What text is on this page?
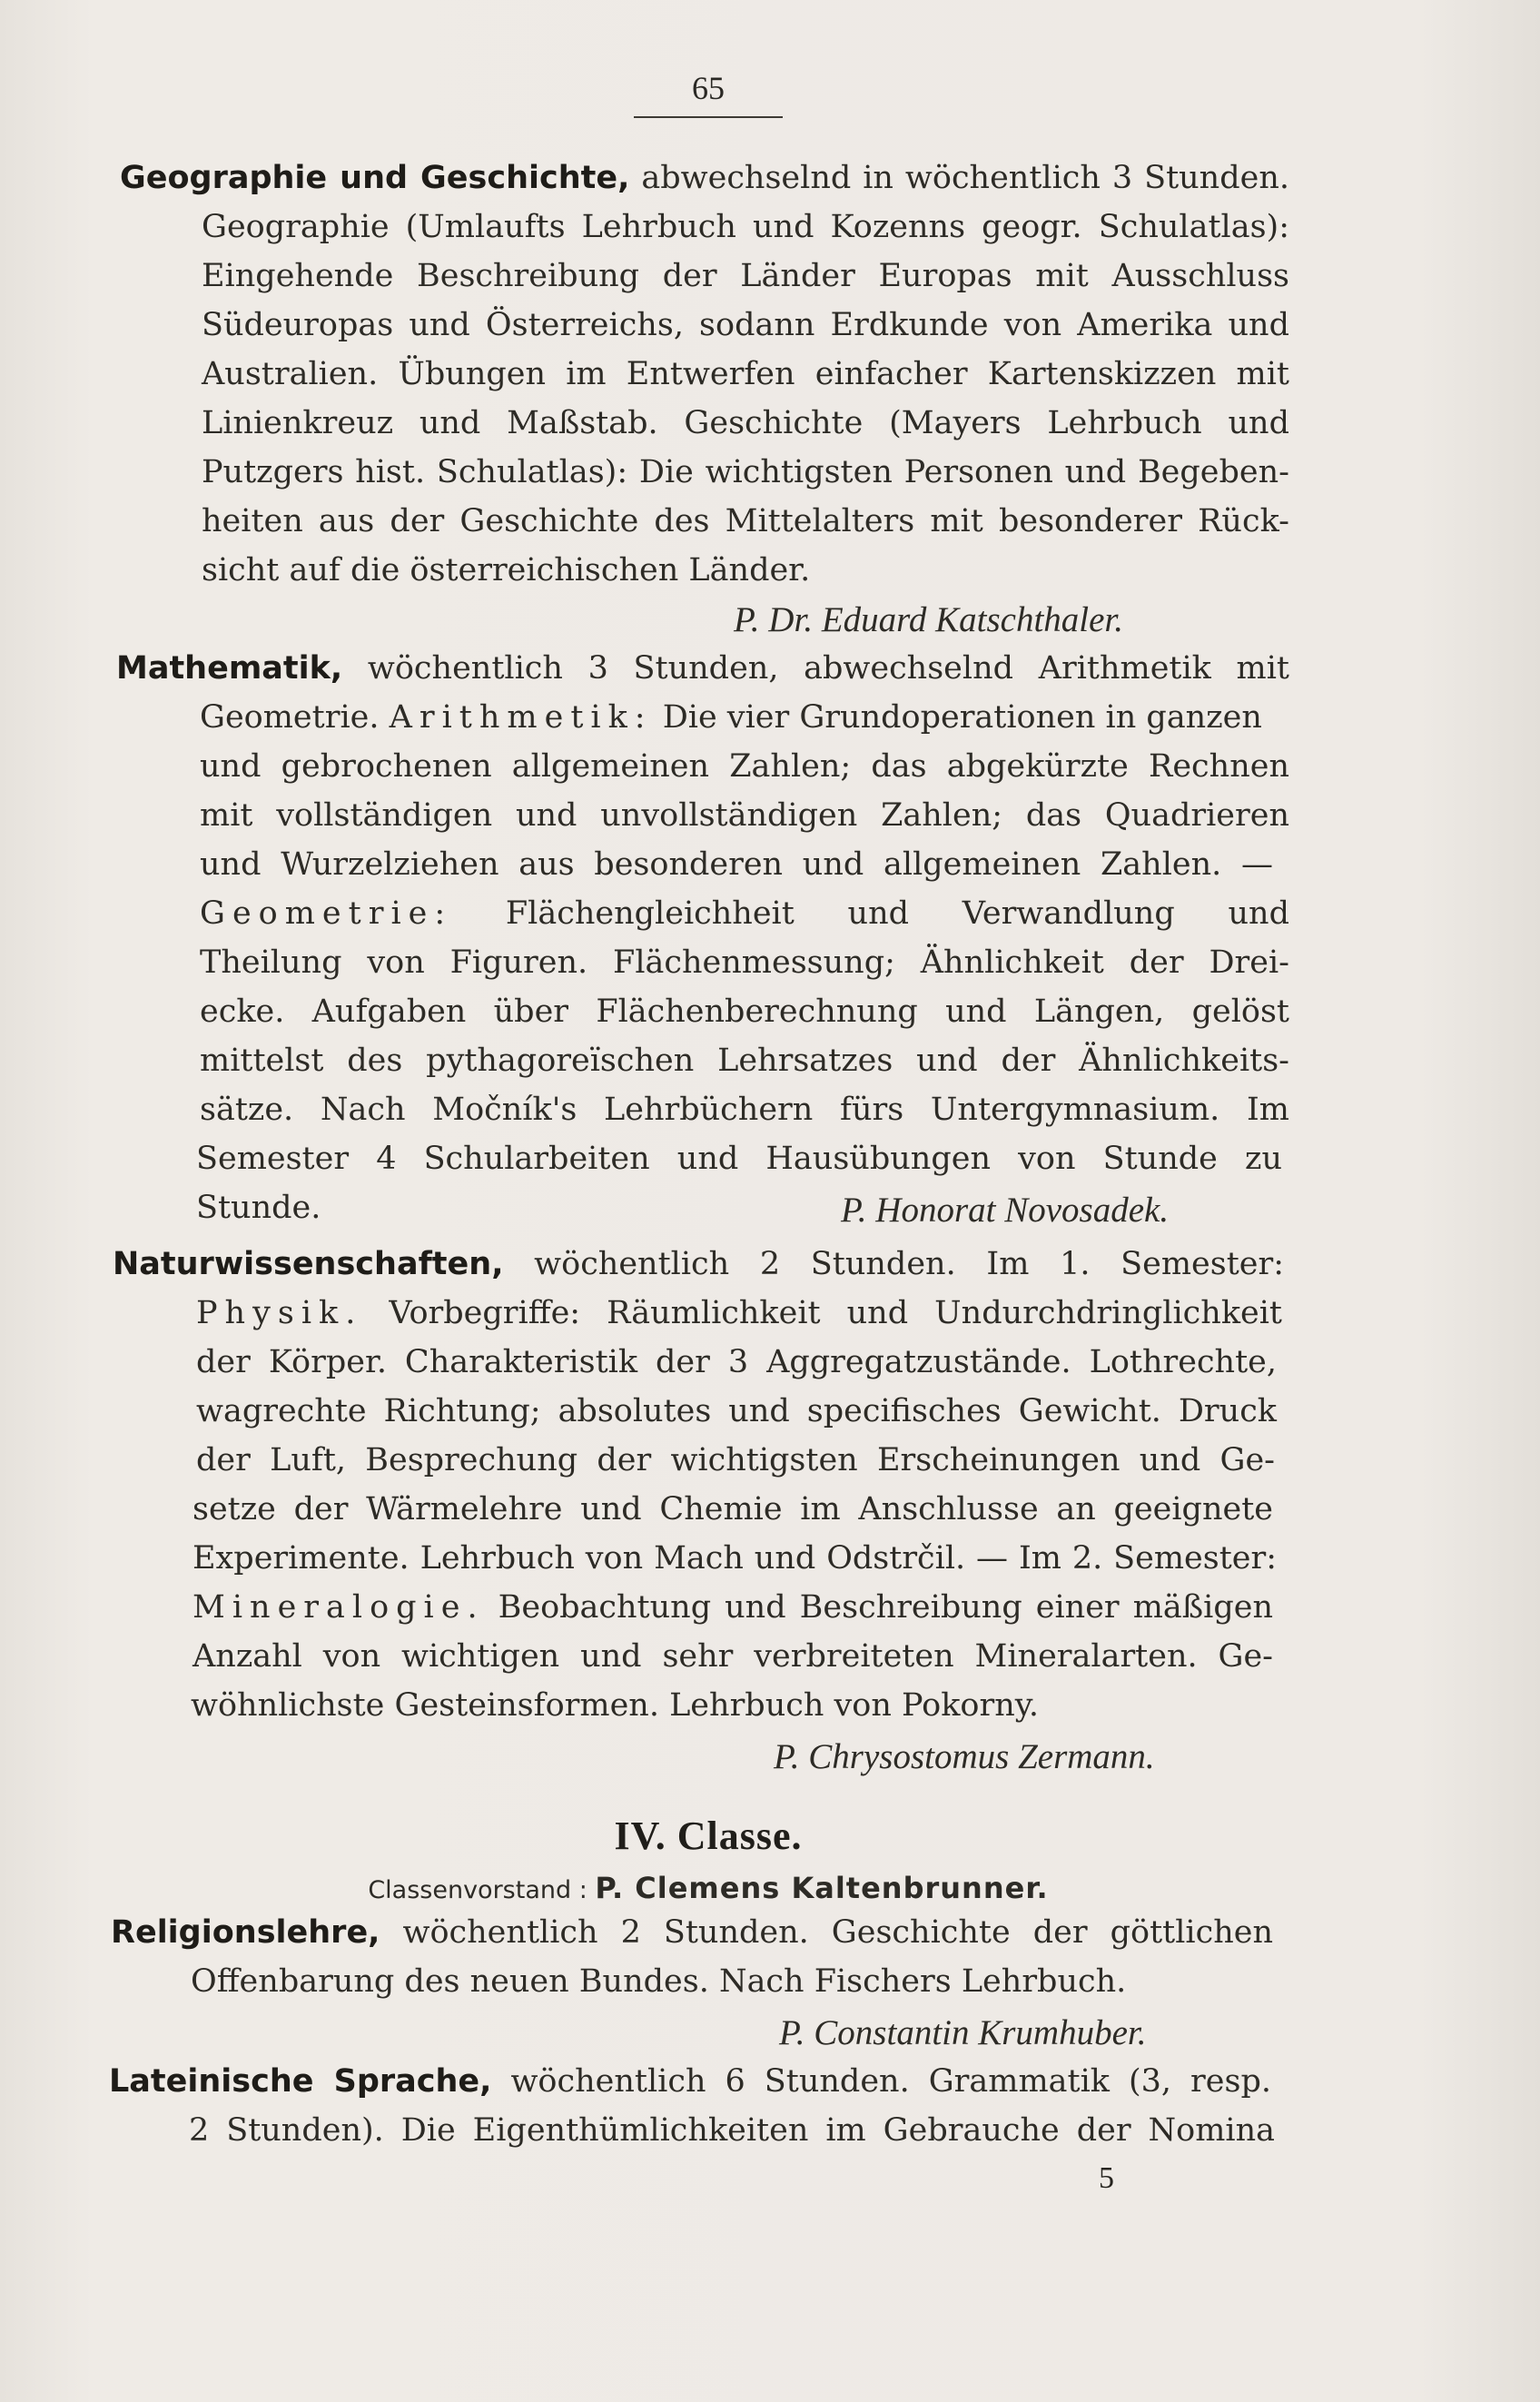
65
Geographie und Geschichte, abwechselnd in wöchentlich 3 Stunden.
Geographie (Umlaufts Lehrbuch und Kozenns geogr. Schulatlas):
Eingehende Beschreibung der Länder Europas mit Ausschluss
Südeuropas und Österreichs, sodann Erdkunde von Amerika und
Australien. Übungen im Entwerfen einfacher Kartenskizzen mit
Linienkreuz und Maßstab. Geschichte (Mayers Lehrbuch und
Putzgers hist. Schulatlas): Die wichtigsten Personen und Begeben-
heiten aus der Geschichte des Mittelalters mit besonderer Rück-
sicht auf die österreichischen Länder.
P. Dr. Eduard Katschthaler.
Mathematik, wöchentlich 3 Stunden, abwechselnd Arithmetik mit
Geometrie. Arithmetik: Die vier Grundoperationen in ganzen
und gebrochenen allgemeinen Zahlen; das abgekürzte Rechnen
mit vollständigen und unvollständigen Zahlen; das Quadrieren
und Wurzelziehen aus besonderen und allgemeinen Zahlen. —
Geometrie: Flächengleichheit und Verwandlung und
Theilung von Figuren. Flächenmessung; Ähnlichkeit der Drei-
ecke. Aufgaben über Flächenberechnung und Längen, gelöst
mittelst des pythagoreïschen Lehrsatzes und der Ähnlichkeits-
sätze. Nach Močník's Lehrbüchern fürs Untergymnasium. Im
Semester 4 Schularbeiten und Hausübungen von Stunde zu
Stunde.	P. Honorat Novosadek.
Naturwissenschaften, wöchentlich 2 Stunden. Im 1. Semester:
Physik. Vorbegriffe: Räumlichkeit und Undurchdringlichkeit
der Körper. Charakteristik der 3 Aggregatzustände. Lothrechte,
wagrechte Richtung; absolutes und specifisches Gewicht. Druck
der Luft, Besprechung der wichtigsten Erscheinungen und Ge-
setze der Wärmelehre und Chemie im Anschlusse an geeignete
Experimente. Lehrbuch von Mach und Odstrčil. — Im 2. Semester:
Mineralogie. Beobachtung und Beschreibung einer mäßigen
Anzahl von wichtigen und sehr verbreiteten Mineralarten. Ge-
wöhnlichste Gesteinsformen. Lehrbuch von Pokorny.
P. Chrysostomus Zermann.
IV. Classe.
Classenvorstand : P. Clemens Kaltenbrunner.
Religionslehre, wöchentlich 2 Stunden. Geschichte der göttlichen
Offenbarung des neuen Bundes. Nach Fischers Lehrbuch.
P. Constantin Krumhuber.
Lateinische Sprache, wöchentlich 6 Stunden. Grammatik (3, resp.
2 Stunden). Die Eigenthümlichkeiten im Gebrauche der Nomina
5
